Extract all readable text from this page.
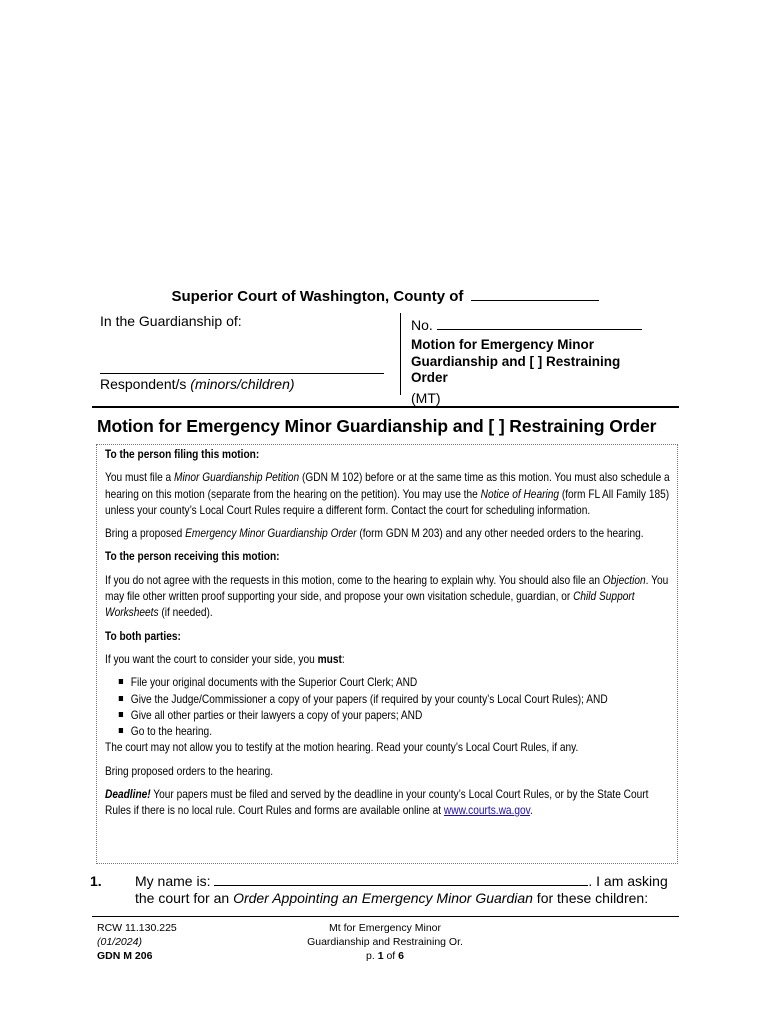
Superior Court of Washington, County of
In the Guardianship of:
Respondent/s (minors/children)
No.
Motion for Emergency Minor Guardianship and [ ] Restraining Order
(MT)
Motion for Emergency Minor Guardianship and [ ] Restraining Order

To the person filing this motion:

You must file a Minor Guardianship Petition (GDN M 102) before or at the same time as this motion. You must also schedule a hearing on this motion (separate from the hearing on the petition). You may use the Notice of Hearing (form FL All Family 185) unless your county’s Local Court Rules require a different form. Contact the court for scheduling information.

Bring a proposed Emergency Minor Guardianship Order (form GDN M 203) and any other needed orders to the hearing.

To the person receiving this motion:

If you do not agree with the requests in this motion, come to the hearing to explain why. You should also file an Objection. You may file other written proof supporting your side, and propose your own visitation schedule, guardian, or Child Support Worksheets (if needed).

To both parties:

If you want the court to consider your side, you must:

File your original documents with the Superior Court Clerk; AND
Give the Judge/Commissioner a copy of your papers (if required by your county’s Local Court Rules); AND
Give all other parties or their lawyers a copy of your papers; AND
Go to the hearing.

The court may not allow you to testify at the motion hearing. Read your county’s Local Court Rules, if any.

Bring proposed orders to the hearing.

Deadline! Your papers must be filed and served by the deadline in your county’s Local Court Rules, or by the State Court Rules if there is no local rule. Court Rules and forms are available online at www.courts.wa.gov.

1. My name is:	. I am asking the court for an Order Appointing an Emergency Minor Guardian for these children:
RCW 11.130.225
(01/2024)
GDN M 206
Mt for Emergency Minor
Guardianship and Restraining Or.
p. 1 of 6
